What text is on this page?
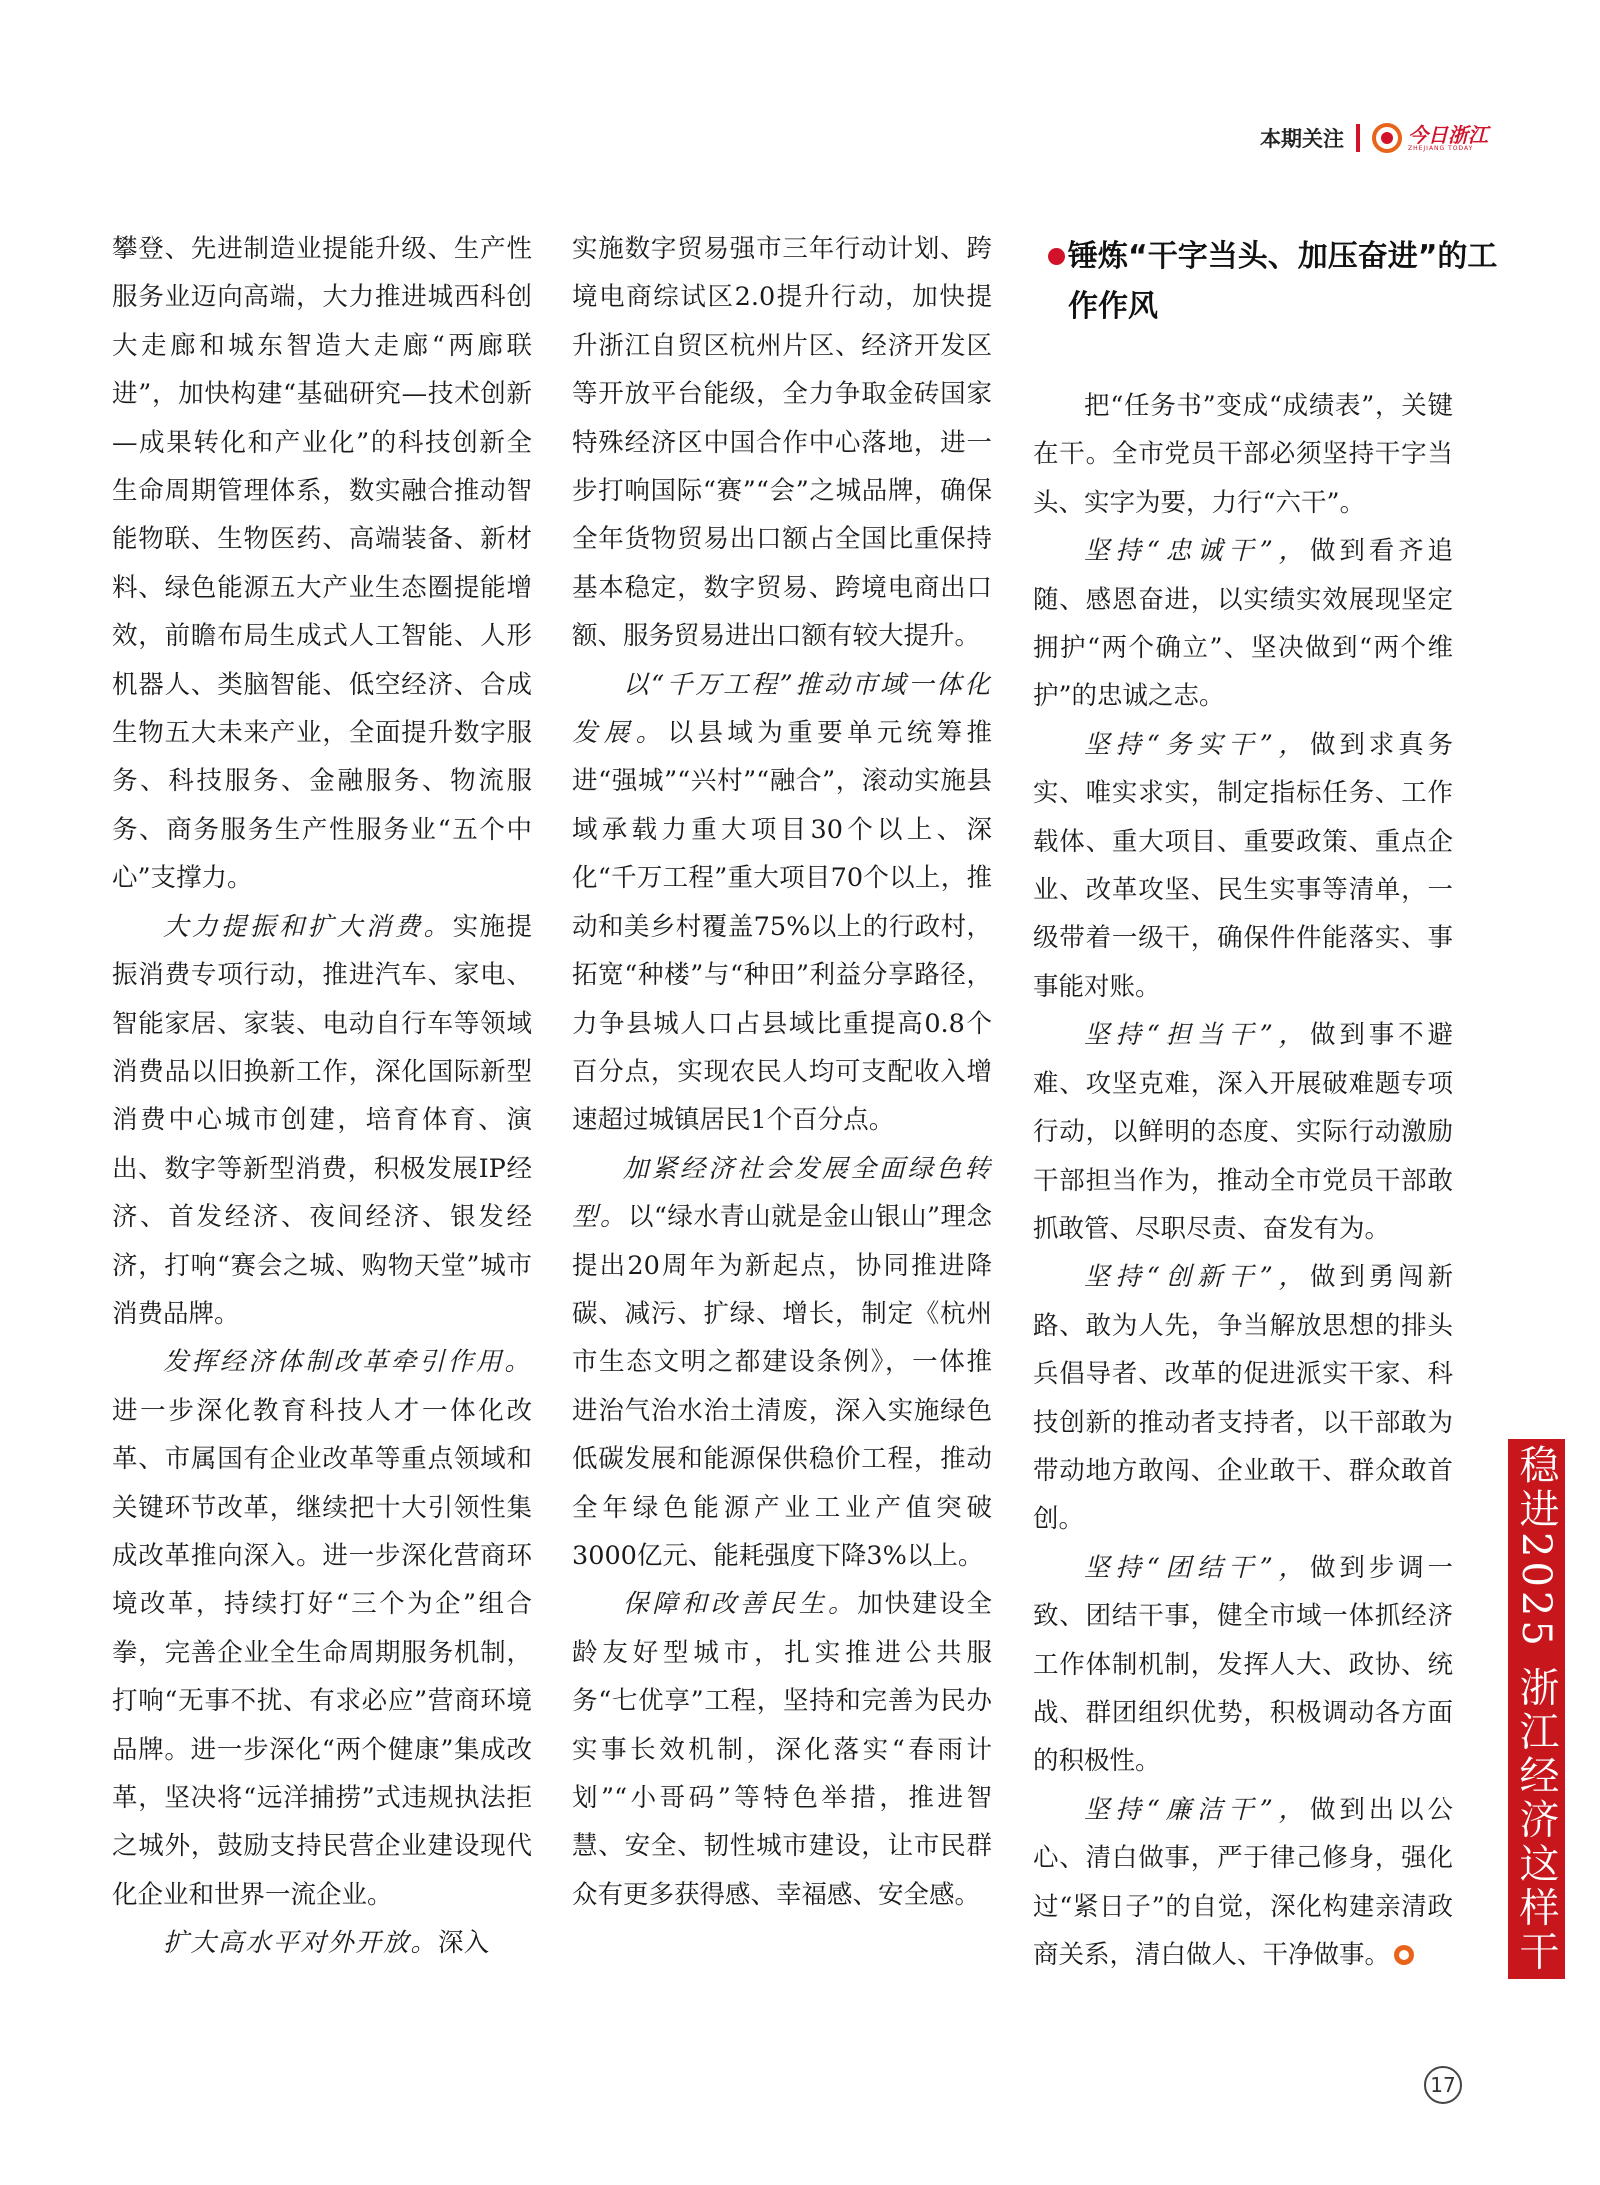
本期关注	今日浙江
ZHEJIANG TODAY

攀登、先进制造业提能升级、生产性服务业迈向高端，大力推进城西科创大走廊和城东智造大走廊“两廊联进”，加快构建“基础研究—技术创新—成果转化和产业化”的科技创新全生命周期管理体系，数实融合推动智能物联、生物医药、高端装备、新材料、绿色能源五大产业生态圈提能增效，前瞻布局生成式人工智能、人形机器人、类脑智能、低空经济、合成生物五大未来产业，全面提升数字服务、科技服务、金融服务、物流服务、商务服务生产性服务业“五个中心”支撑力。

大力提振和扩大消费。实施提振消费专项行动，推进汽车、家电、智能家居、家装、电动自行车等领域消费品以旧换新工作，深化国际新型消费中心城市创建，培育体育、演出、数字等新型消费，积极发展IP经济、首发经济、夜间经济、银发经济，打响“赛会之城、购物天堂”城市消费品牌。

发挥经济体制改革牵引作用。进一步深化教育科技人才一体化改革、市属国有企业改革等重点领域和关键环节改革，继续把十大引领性集成改革推向深入。进一步深化营商环境改革，持续打好“三个为企”组合拳，完善企业全生命周期服务机制，打响“无事不扰、有求必应”营商环境品牌。进一步深化“两个健康”集成改革，坚决将“远洋捕捞”式违规执法拒之城外，鼓励支持民营企业建设现代化企业和世界一流企业。

扩大高水平对外开放。深入

实施数字贸易强市三年行动计划、跨境电商综试区2.0提升行动，加快提升浙江自贸区杭州片区、经济开发区等开放平台能级，全力争取金砖国家特殊经济区中国合作中心落地，进一步打响国际“赛”“会”之城品牌，确保全年货物贸易出口额占全国比重保持基本稳定，数字贸易、跨境电商出口额、服务贸易进出口额有较大提升。

以“千万工程”推动市域一体化发展。以县域为重要单元统筹推进“强城”“兴村”“融合”，滚动实施县域承载力重大项目30个以上、深化“千万工程”重大项目70个以上，推动和美乡村覆盖75%以上的行政村，拓宽“种楼”与“种田”利益分享路径，力争县城人口占县域比重提高0.8个百分点，实现农民人均可支配收入增速超过城镇居民1个百分点。

加紧经济社会发展全面绿色转型。以“绿水青山就是金山银山”理念提出20周年为新起点，协同推进降碳、减污、扩绿、增长，制定《杭州市生态文明之都建设条例》，一体推进治气治水治土清废，深入实施绿色低碳发展和能源保供稳价工程，推动全年绿色能源产业工业产值突破3000亿元、能耗强度下降3%以上。

保障和改善民生。加快建设全龄友好型城市，扎实推进公共服务“七优享”工程，坚持和完善为民办实事长效机制，深化落实“春雨计划”“小哥码”等特色举措，推进智慧、安全、韧性城市建设，让市民群众有更多获得感、幸福感、安全感。

锤炼“干字当头、加压奋进”的工作作风

把“任务书”变成“成绩表”，关键在干。全市党员干部必须坚持干字当头、实字为要，力行“六干”。

坚持“忠诚干”，做到看齐追随、感恩奋进，以实绩实效展现坚定拥护“两个确立”、坚决做到“两个维护”的忠诚之志。

坚持“务实干”，做到求真务实、唯实求实，制定指标任务、工作载体、重大项目、重要政策、重点企业、改革攻坚、民生实事等清单，一级带着一级干，确保件件能落实、事事能对账。

坚持“担当干”，做到事不避难、攻坚克难，深入开展破难题专项行动，以鲜明的态度、实际行动激励干部担当作为，推动全市党员干部敢抓敢管、尽职尽责、奋发有为。

坚持“创新干”，做到勇闯新路、敢为人先，争当解放思想的排头兵倡导者、改革的促进派实干家、科技创新的推动者支持者，以干部敢为带动地方敢闯、企业敢干、群众敢首创。

坚持“团结干”，做到步调一致、团结干事，健全市域一体抓经济工作体制机制，发挥人大、政协、统战、群团组织优势，积极调动各方面的积极性。

坚持“廉洁干”，做到出以公心、清白做事，严于律己修身，强化过“紧日子”的自觉，深化构建亲清政商关系，清白做人、干净做事。	稳进2025 浙江经济这样干
17
